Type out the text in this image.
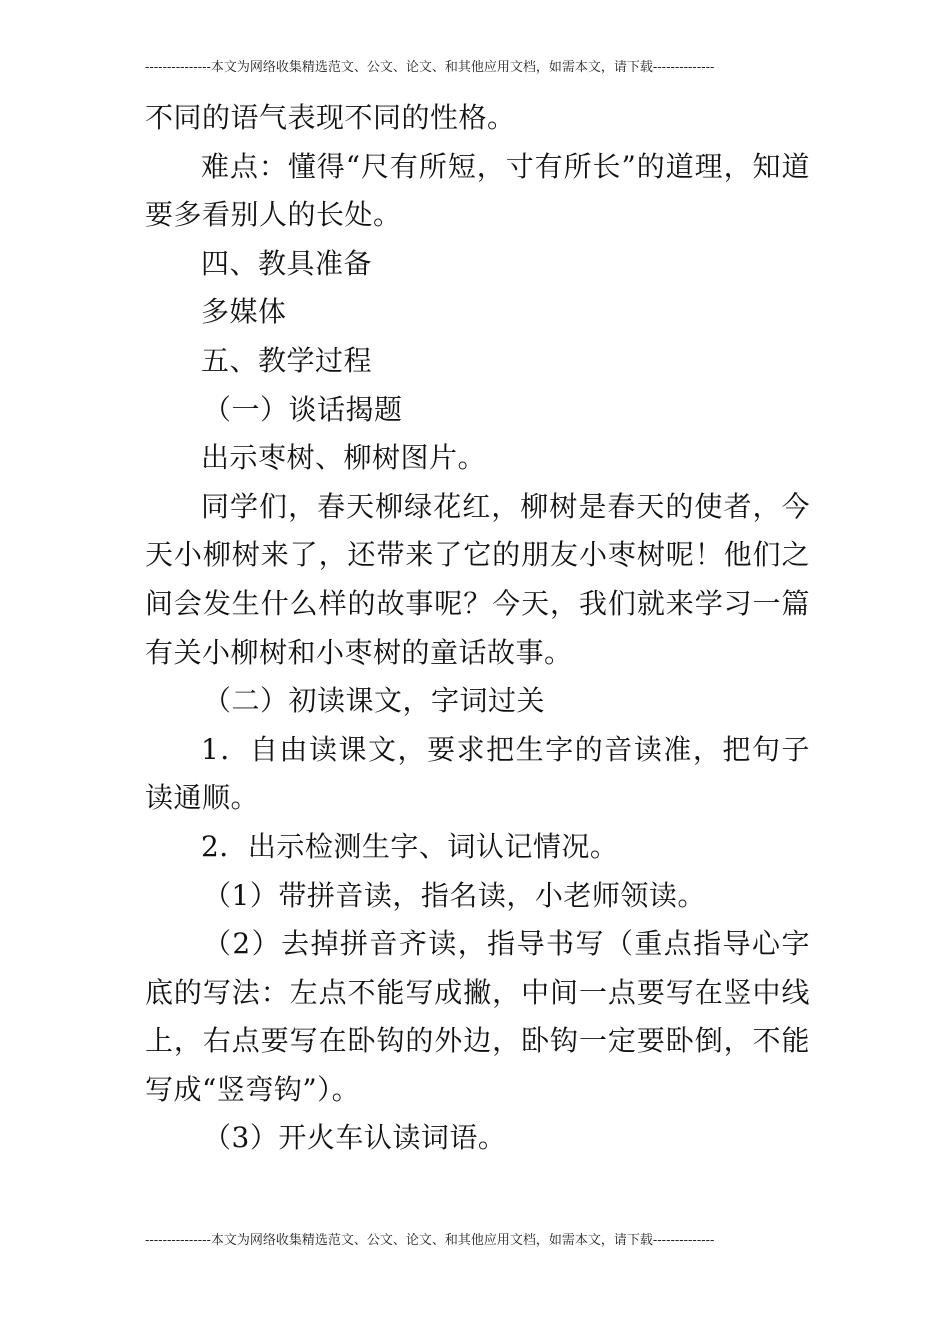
---------------本文为网络收集精选范文、公文、论文、和其他应用文档，如需本文，请下载--------------

不同的语气表现不同的性格。

难点：懂得“尺有所短，寸有所长”的道理，知道要多看别人的长处。

四、教具准备

多媒体

五、教学过程

（一）谈话揭题

出示枣树、柳树图片。

同学们，春天柳绿花红，柳树是春天的使者，今天小柳树来了，还带来了它的朋友小枣树呢！他们之间会发生什么样的故事呢？今天，我们就来学习一篇有关小柳树和小枣树的童话故事。

（二）初读课文，字词过关

1．自由读课文，要求把生字的音读准，把句子读通顺。

2．出示检测生字、词认记情况。

（1）带拼音读，指名读，小老师领读。

（2）去掉拼音齐读，指导书写（重点指导心字底的写法：左点不能写成撇，中间一点要写在竖中线上，右点要写在卧钩的外边，卧钩一定要卧倒，不能写成“竖弯钩”）。

（3）开火车认读词语。

---------------本文为网络收集精选范文、公文、论文、和其他应用文档，如需本文，请下载--------------
